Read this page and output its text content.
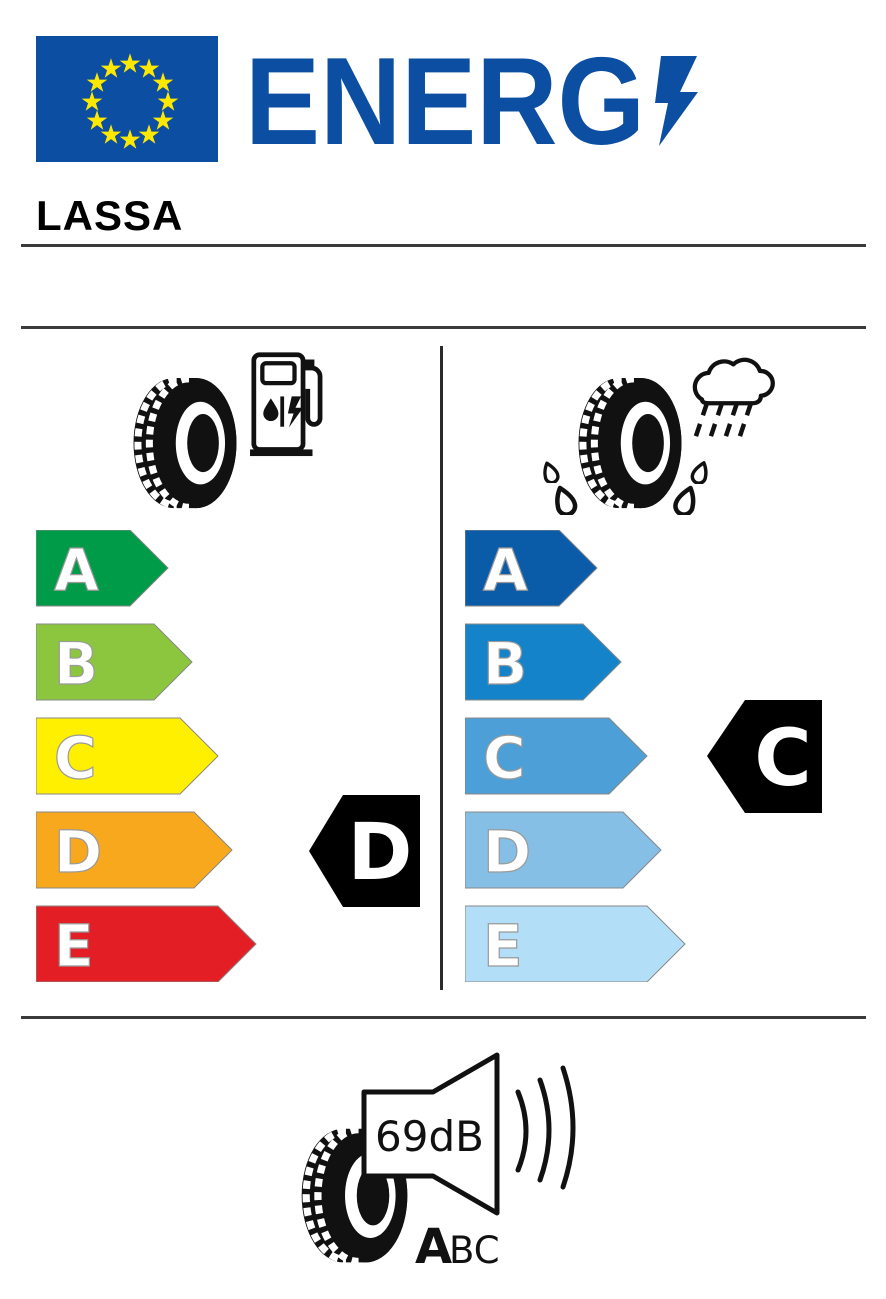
ENERG
LASSA
A
B
C
D
E
D
A
B
C
D
E
C
69dB
A
BC
